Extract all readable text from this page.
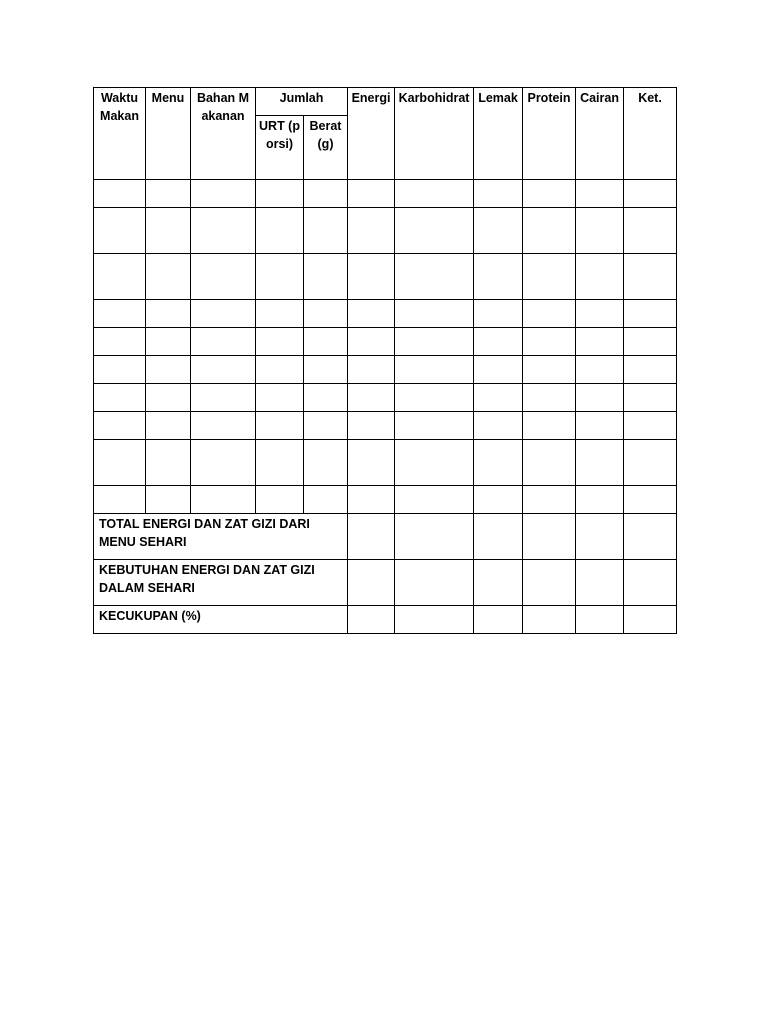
Waktu Makan	Menu	Bahan Makanan	Jumlah		Energi	Karbohidrat	Lemak	Protein	Cairan	Ket.
			URT (porsi)	Berat (g)						

TOTAL ENERGI DAN ZAT GIZI DARI MENU SEHARI										
KEBUTUHAN ENERGI DAN ZAT GIZI DALAM SEHARI										
KECUKUPAN (%)										
